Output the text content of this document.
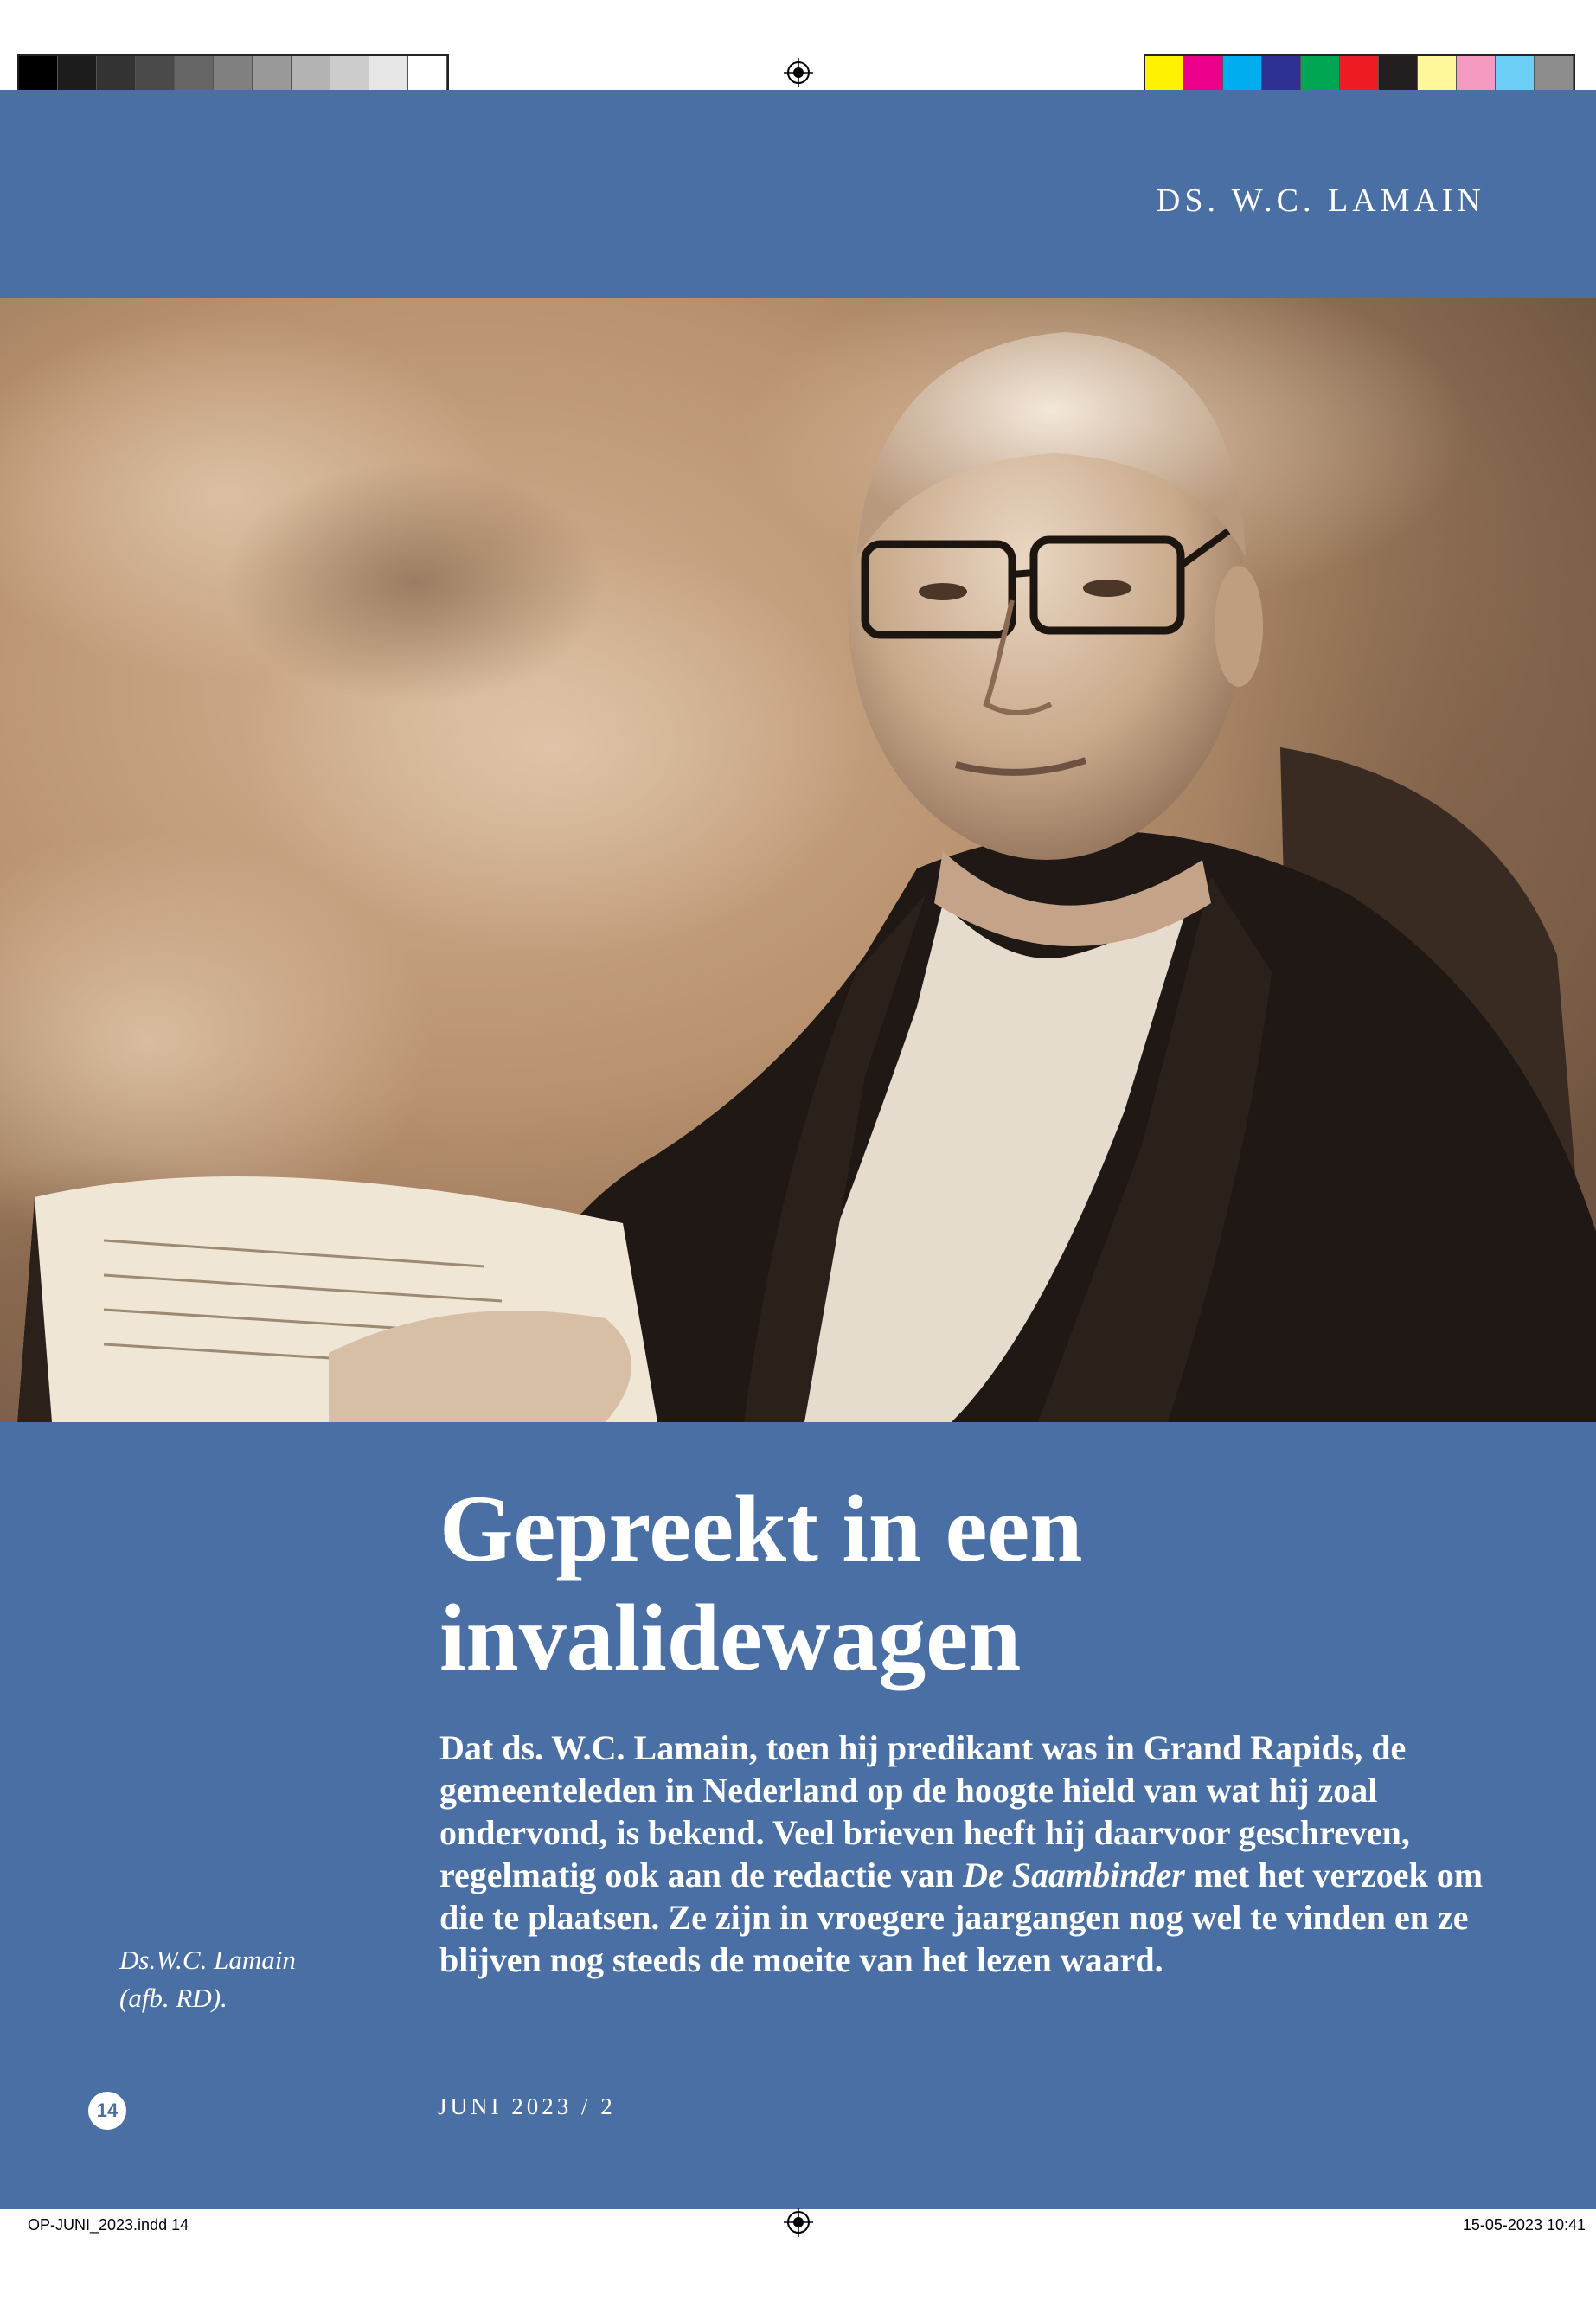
DS. W.C. LAMAIN
Gepreekt in een invalidewagen

Dat ds. W.C. Lamain, toen hij predikant was in Grand Rapids, de gemeenteleden in Nederland op de hoogte hield van wat hij zoal ondervond, is bekend. Veel brieven heeft hij daarvoor geschreven, regelmatig ook aan de redactie van De Saambinder met het verzoek om die te plaatsen. Ze zijn in vroegere jaargangen nog wel te vinden en ze blijven nog steeds de moeite van het lezen waard.

Ds.W.C. Lamain
(afb. RD).
14	JUNI 2023 / 2
OP-JUNI_2023.indd 14	15-05-2023 10:41
